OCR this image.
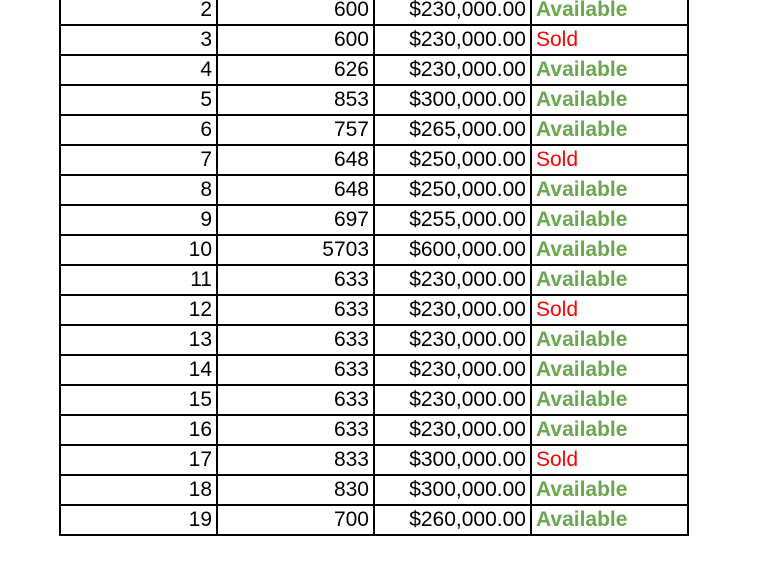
2	600	$230,000.00	Available
3	600	$230,000.00	Sold
4	626	$230,000.00	Available
5	853	$300,000.00	Available
6	757	$265,000.00	Available
7	648	$250,000.00	Sold
8	648	$250,000.00	Available
9	697	$255,000.00	Available
10	5703	$600,000.00	Available
11	633	$230,000.00	Available
12	633	$230,000.00	Sold
13	633	$230,000.00	Available
14	633	$230,000.00	Available
15	633	$230,000.00	Available
16	633	$230,000.00	Available
17	833	$300,000.00	Sold
18	830	$300,000.00	Available
19	700	$260,000.00	Available
